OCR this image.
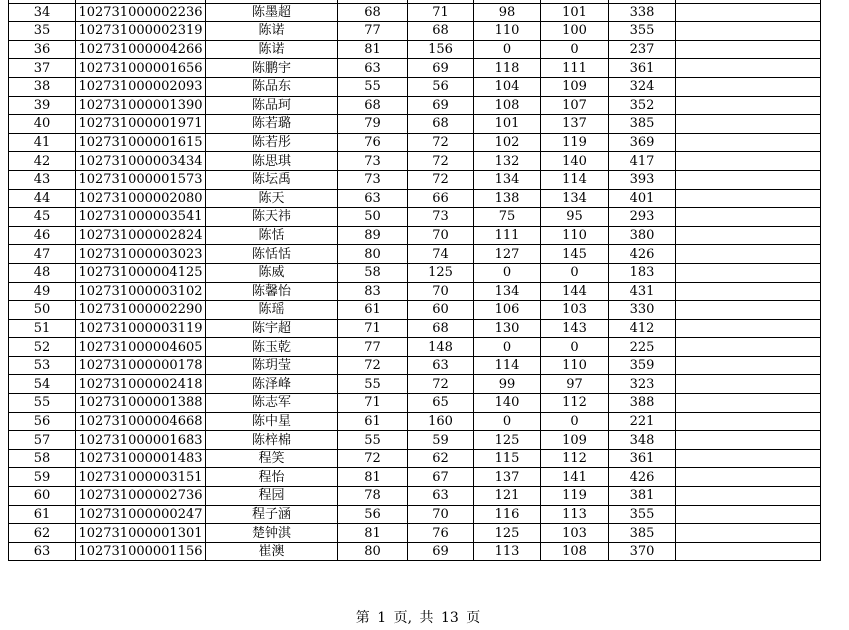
34	102731000002236	陈墨超	68	71	98	101	338	
35	102731000002319	陈诺	77	68	110	100	355	
36	102731000004266	陈诺	81	156	0	0	237	
37	102731000001656	陈鹏宇	63	69	118	111	361	
38	102731000002093	陈品东	55	56	104	109	324	
39	102731000001390	陈品珂	68	69	108	107	352	
40	102731000001971	陈若璐	79	68	101	137	385	
41	102731000001615	陈若彤	76	72	102	119	369	
42	102731000003434	陈思琪	73	72	132	140	417	
43	102731000001573	陈坛禹	73	72	134	114	393	
44	102731000002080	陈天	63	66	138	134	401	
45	102731000003541	陈天祎	50	73	75	95	293	
46	102731000002824	陈恬	89	70	111	110	380	
47	102731000003023	陈恬恬	80	74	127	145	426	
48	102731000004125	陈威	58	125	0	0	183	
49	102731000003102	陈馨怡	83	70	134	144	431	
50	102731000002290	陈瑶	61	60	106	103	330	
51	102731000003119	陈宇超	71	68	130	143	412	
52	102731000004605	陈玉乾	77	148	0	0	225	
53	102731000000178	陈玥莹	72	63	114	110	359	
54	102731000002418	陈泽峰	55	72	99	97	323	
55	102731000001388	陈志军	71	65	140	112	388	
56	102731000004668	陈中星	61	160	0	0	221	
57	102731000001683	陈梓棉	55	59	125	109	348	
58	102731000001483	程笑	72	62	115	112	361	
59	102731000003151	程怡	81	67	137	141	426	
60	102731000002736	程园	78	63	121	119	381	
61	102731000000247	程子涵	56	70	116	113	355	
62	102731000001301	楚钟淇	81	76	125	103	385	
63	102731000001156	崔澳	80	69	113	108	370	
第 1 页, 共 13 页
